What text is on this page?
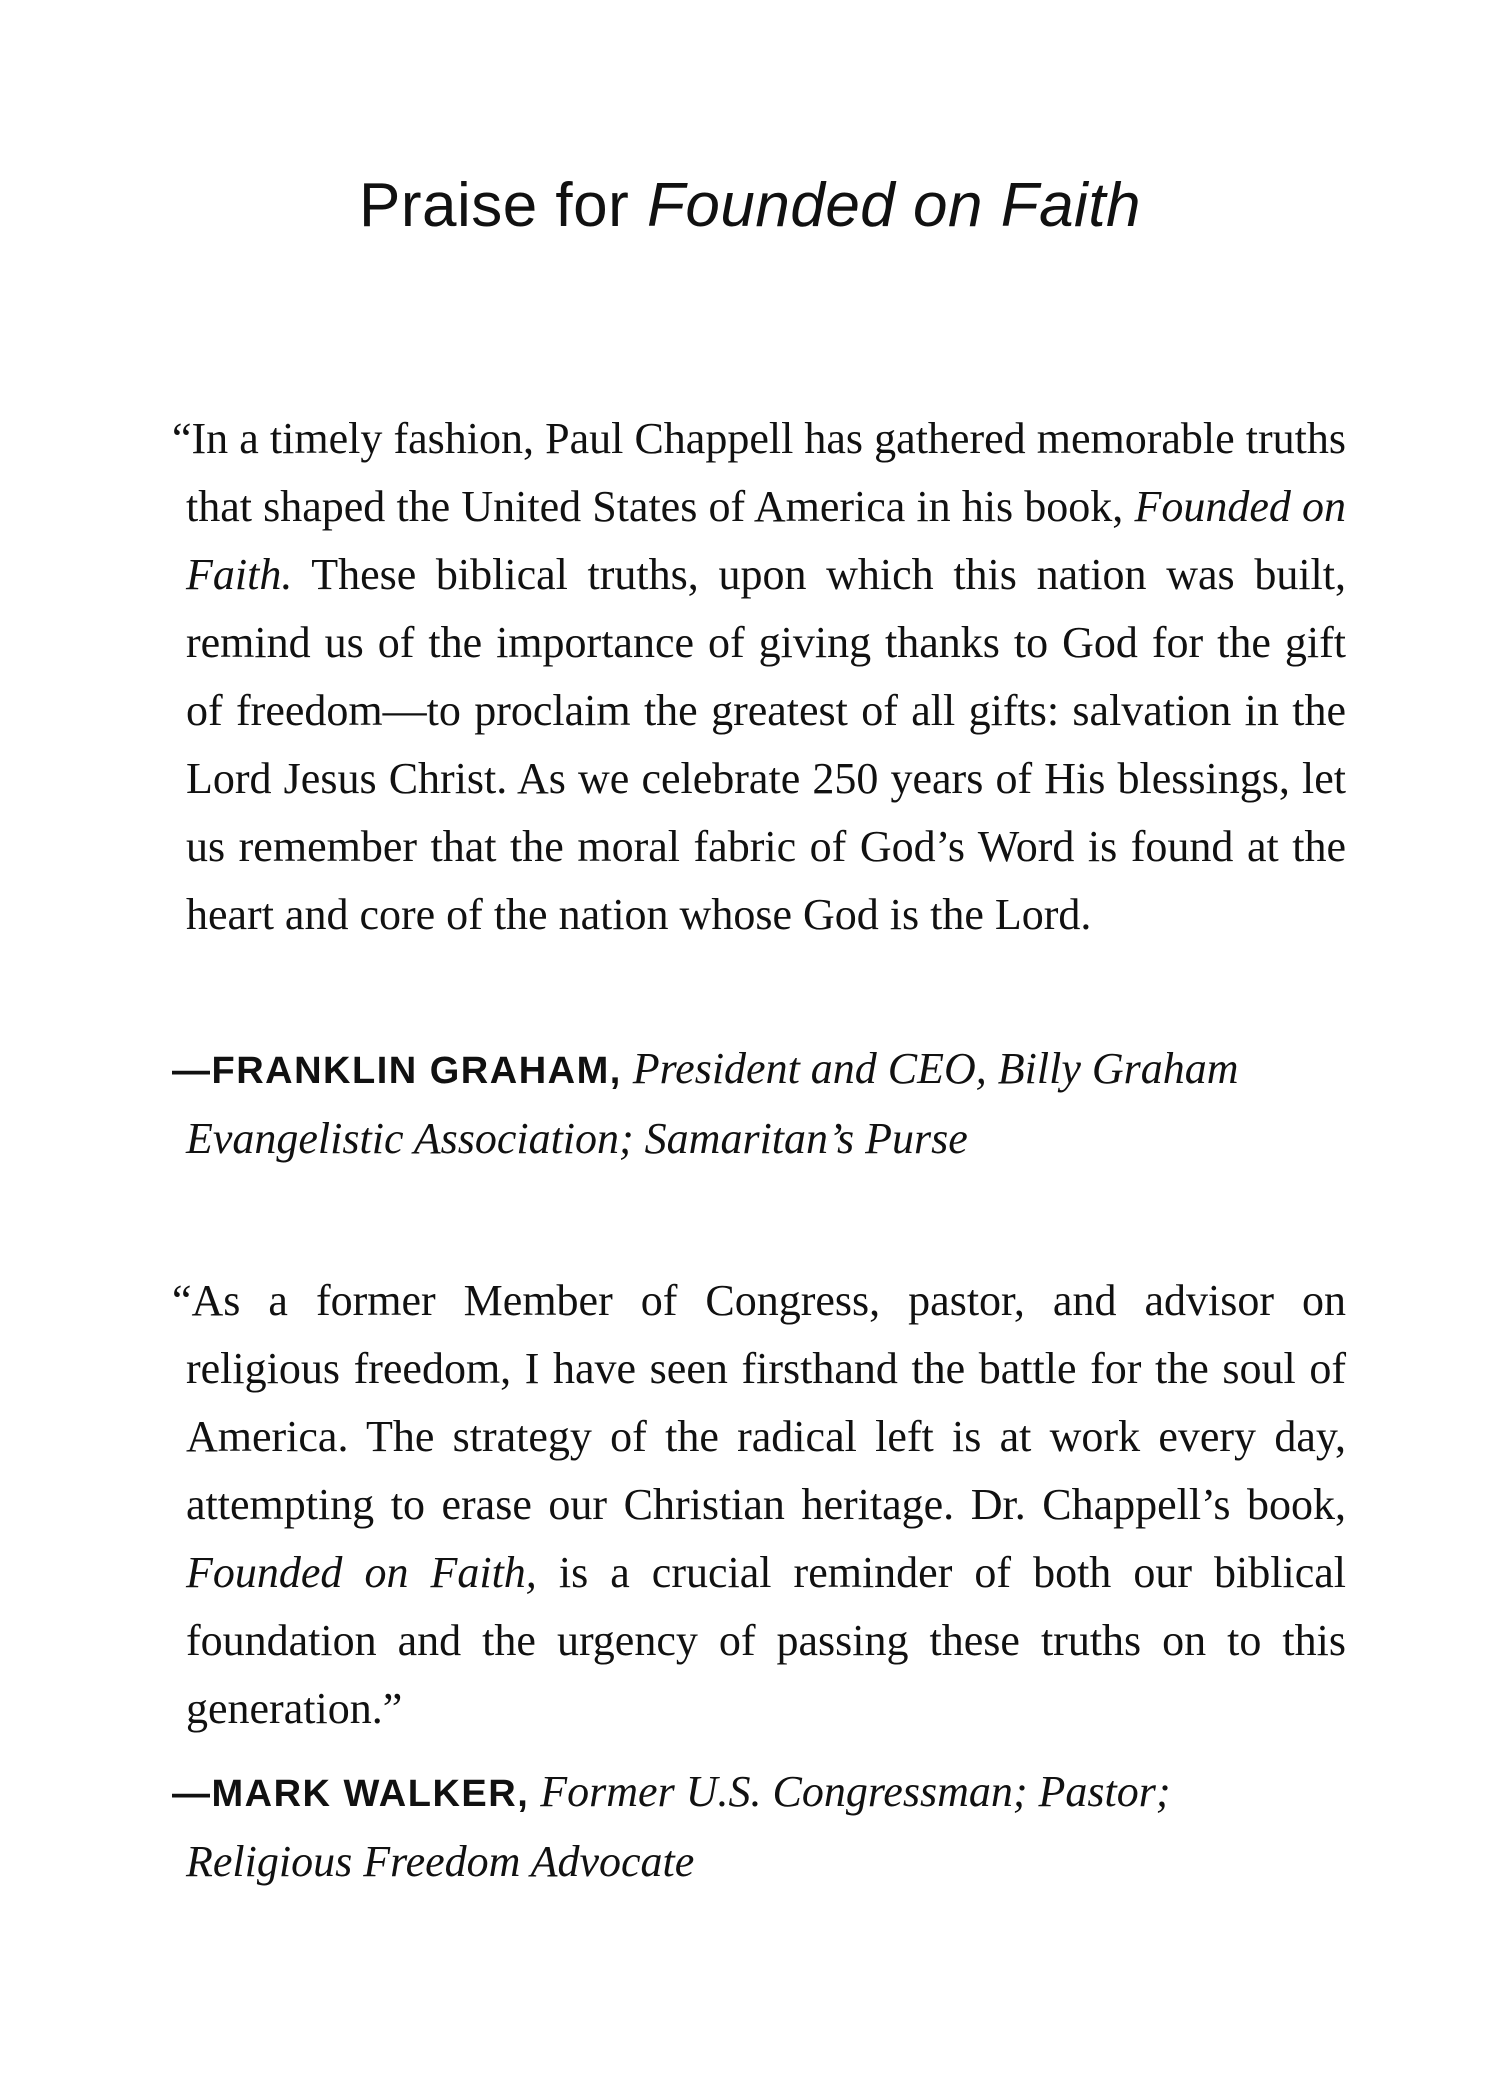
Praise for Founded on Faith

“In a timely fashion, Paul Chappell has gathered memorable truths that shaped the United States of America in his book, Founded on Faith. These biblical truths, upon which this nation was built, remind us of the importance of giving thanks to God for the gift of freedom—to proclaim the greatest of all gifts: salvation in the Lord Jesus Christ. As we celebrate 250 years of His blessings, let us remember that the moral fabric of God’s Word is found at the heart and core of the nation whose God is the Lord.

—FRANKLIN GRAHAM, President and CEO, Billy Graham Evangelistic Association; Samaritan’s Purse

“As a former Member of Congress, pastor, and advisor on religious freedom, I have seen firsthand the battle for the soul of America. The strategy of the radical left is at work every day, attempting to erase our Christian heritage. Dr. Chappell’s book, Founded on Faith, is a crucial reminder of both our biblical foundation and the urgency of passing these truths on to this generation.”

—MARK WALKER, Former U.S. Congressman; Pastor; Religious Freedom Advocate
